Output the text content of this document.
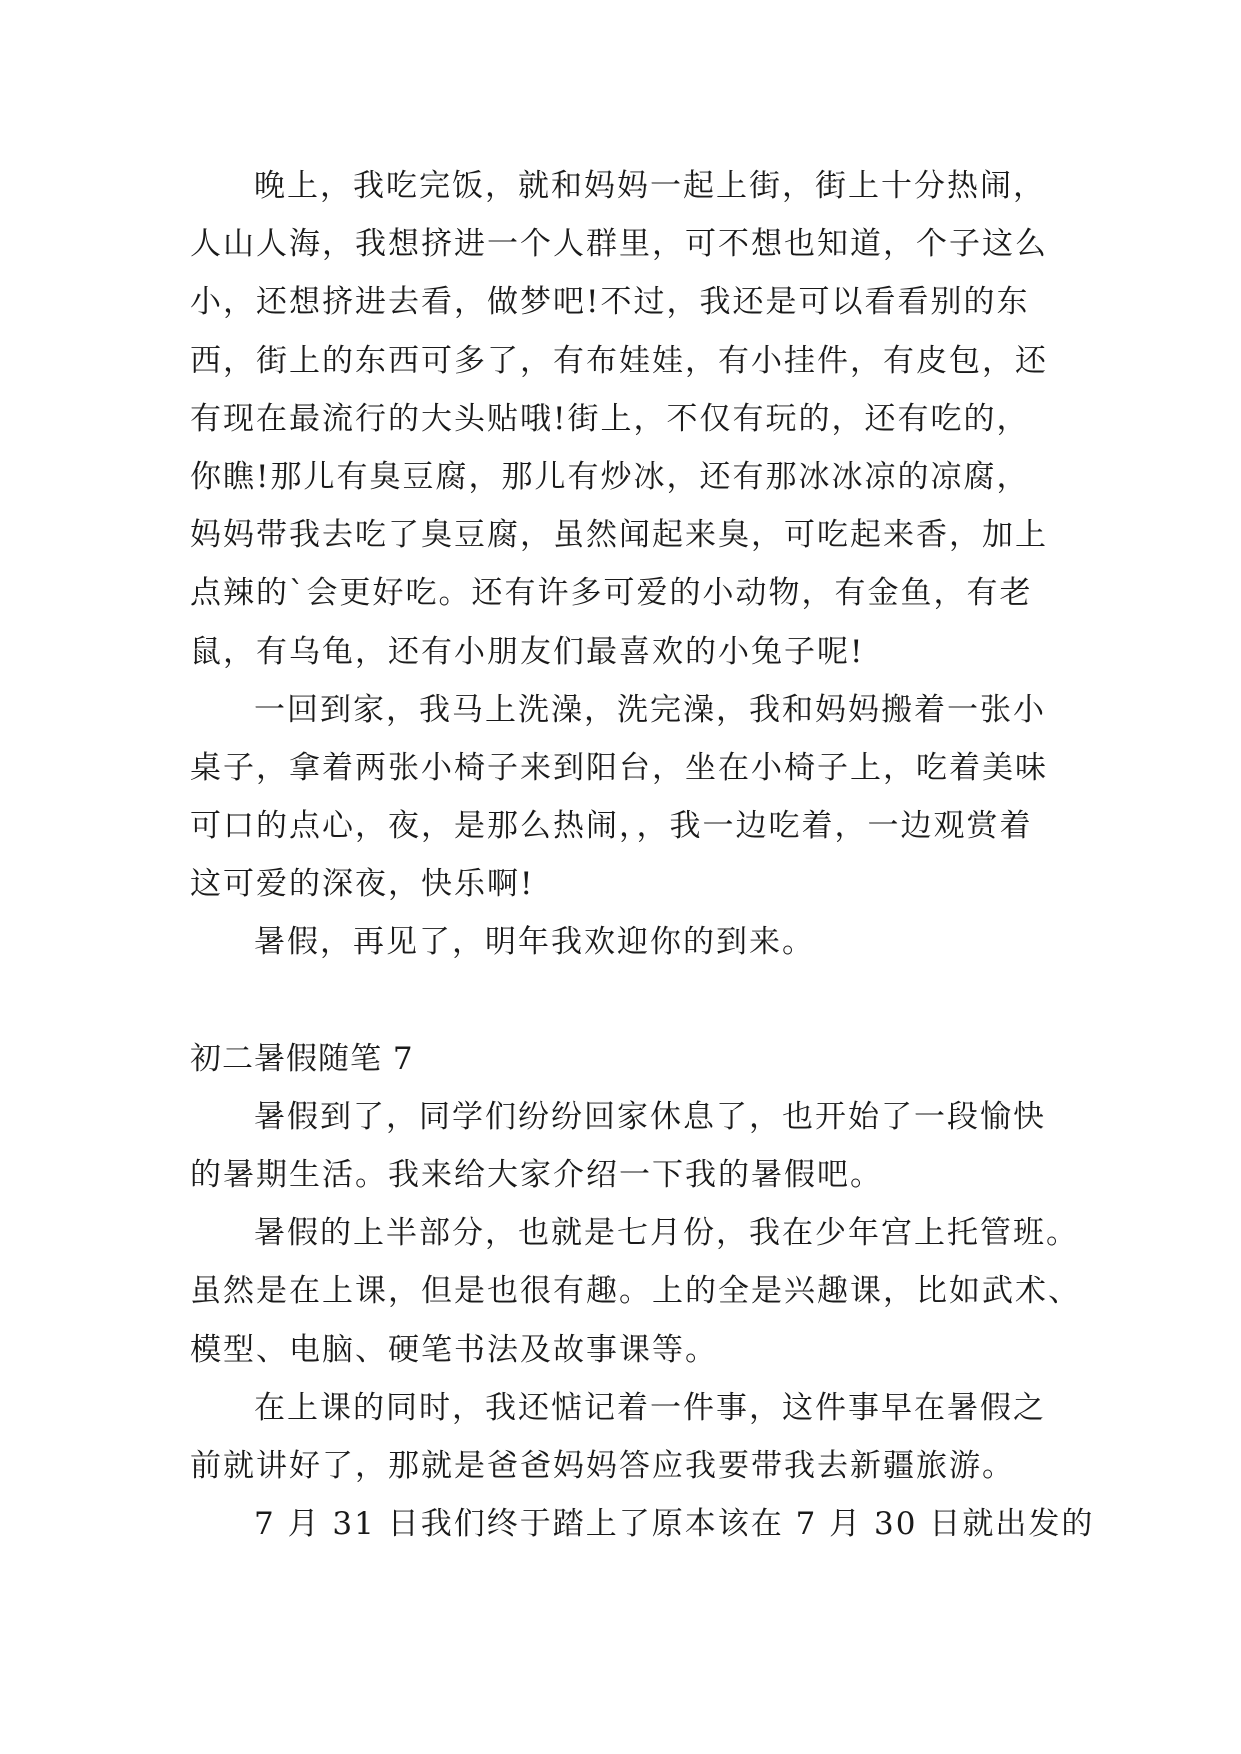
晚上，我吃完饭，就和妈妈一起上街，街上十分热闹，
人山人海，我想挤进一个人群里，可不想也知道，个子这么
小，还想挤进去看，做梦吧!不过，我还是可以看看别的东
西，街上的东西可多了，有布娃娃，有小挂件，有皮包，还
有现在最流行的大头贴哦!街上，不仅有玩的，还有吃的，
你瞧!那儿有臭豆腐，那儿有炒冰，还有那冰冰凉的凉腐，
妈妈带我去吃了臭豆腐，虽然闻起来臭，可吃起来香，加上
点辣的`会更好吃。还有许多可爱的小动物，有金鱼，有老
鼠，有乌龟，还有小朋友们最喜欢的小兔子呢!
一回到家，我马上洗澡，洗完澡，我和妈妈搬着一张小
桌子，拿着两张小椅子来到阳台，坐在小椅子上，吃着美味
可口的点心，夜，是那么热闹，，我一边吃着，一边观赏着
这可爱的深夜，快乐啊!
暑假，再见了，明年我欢迎你的到来。
初二暑假随笔 7
暑假到了，同学们纷纷回家休息了，也开始了一段愉快
的暑期生活。我来给大家介绍一下我的暑假吧。
暑假的上半部分，也就是七月份，我在少年宫上托管班。
虽然是在上课，但是也很有趣。上的全是兴趣课，比如武术、
模型、电脑、硬笔书法及故事课等。
在上课的同时，我还惦记着一件事，这件事早在暑假之
前就讲好了，那就是爸爸妈妈答应我要带我去新疆旅游。
7 月 31 日我们终于踏上了原本该在 7 月 30 日就出发的
